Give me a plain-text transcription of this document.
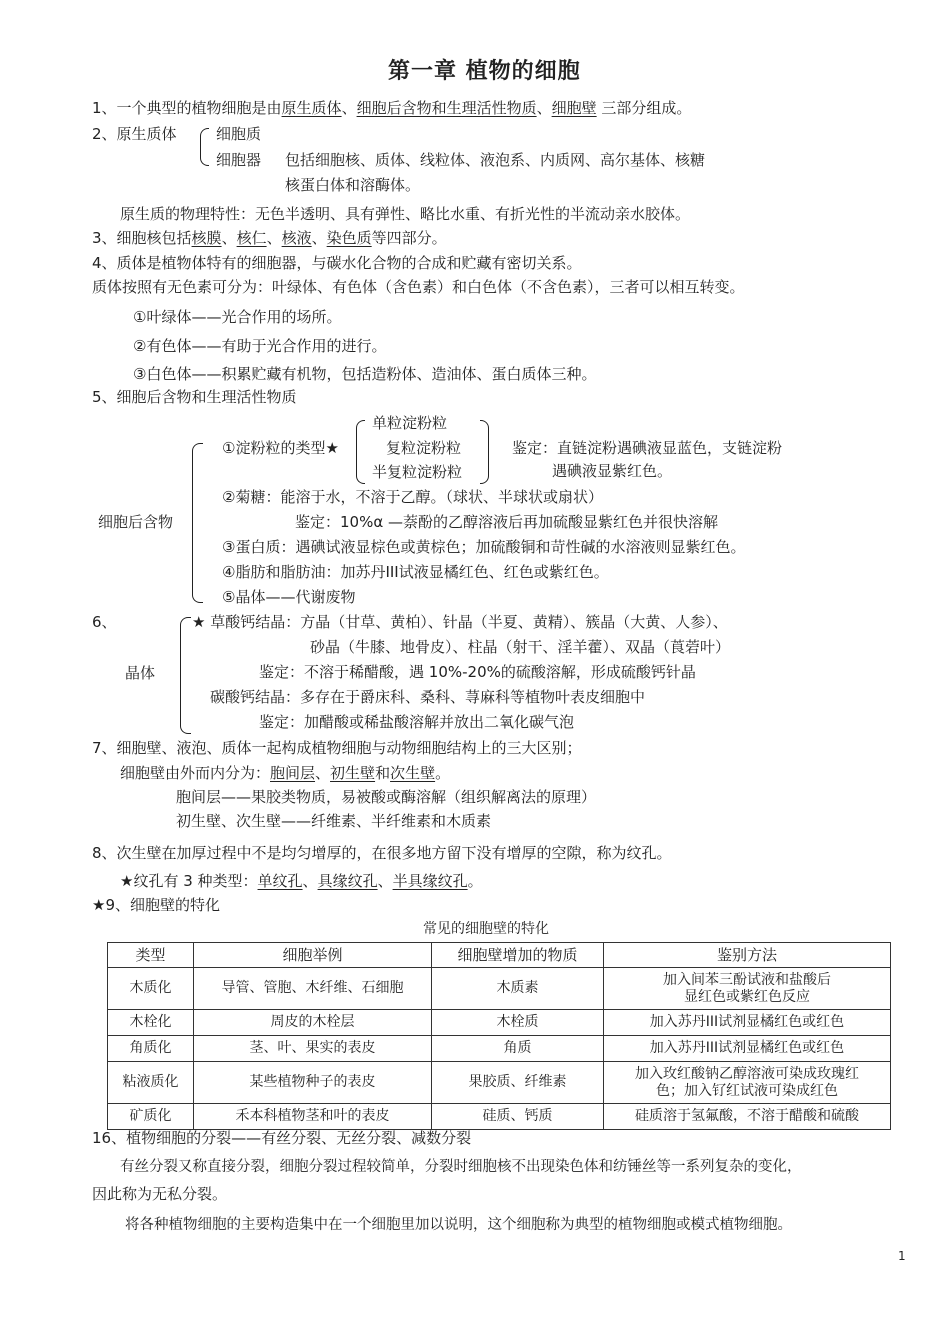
第一章 植物的细胞
1、一个典型的植物细胞是由原生质体、细胞后含物和生理活性物质、细胞壁 三部分组成。
2、原生质体	细胞质
细胞器 包括细胞核、质体、线粒体、液泡系、内质网、高尔基体、核糖
核蛋白体和溶酶体。
原生质的物理特性：无色半透明、具有弹性、略比水重、有折光性的半流动亲水胶体。
3、细胞核包括核膜、核仁、核液、染色质等四部分。
4、质体是植物体特有的细胞器，与碳水化合物的合成和贮藏有密切关系。
质体按照有无色素可分为：叶绿体、有色体（含色素）和白色体（不含色素），三者可以相互转变。
①叶绿体——光合作用的场所。
②有色体——有助于光合作用的进行。
③白色体——积累贮藏有机物，包括造粉体、造油体、蛋白质体三种。
5、细胞后含物和生理活性物质
细胞后含物
①淀粉粒的类型★
单粒淀粉粒
复粒淀粉粒
半复粒淀粉粒
鉴定：直链淀粉遇碘液显蓝色，支链淀粉
遇碘液显紫红色。
②菊糖：能溶于水，不溶于乙醇。（球状、半球状或扇状）
鉴定：10%α —萘酚的乙醇溶液后再加硫酸显紫红色并很快溶解
③蛋白质：遇碘试液显棕色或黄棕色；加硫酸铜和苛性碱的水溶液则显紫红色。
④脂肪和脂肪油：加苏丹III试液显橘红色、红色或紫红色。
⑤晶体——代谢废物
6、
晶体
★ 草酸钙结晶：方晶（甘草、黄柏）、针晶（半夏、黄精）、簇晶（大黄、人参）、
砂晶（牛膝、地骨皮）、柱晶（射干、淫羊藿）、双晶（莨菪叶）
鉴定：不溶于稀醋酸，遇 10%-20%的硫酸溶解，形成硫酸钙针晶
碳酸钙结晶：多存在于爵床科、桑科、荨麻科等植物叶表皮细胞中
鉴定：加醋酸或稀盐酸溶解并放出二氧化碳气泡
7、细胞壁、液泡、质体一起构成植物细胞与动物细胞结构上的三大区别；
细胞壁由外而内分为：胞间层、初生壁和次生壁。
胞间层——果胶类物质，易被酸或酶溶解（组织解离法的原理）
初生壁、次生壁——纤维素、半纤维素和木质素
8、次生壁在加厚过程中不是均匀增厚的，在很多地方留下没有增厚的空隙，称为纹孔。
★纹孔有 3 种类型：单纹孔、具缘纹孔、半具缘纹孔。
★9、细胞壁的特化
常见的细胞壁的特化
类型	细胞举例	细胞壁增加的物质	鉴别方法
木质化	导管、管胞、木纤维、石细胞	木质素	加入间苯三酚试液和盐酸后
显红色或紫红色反应

木栓化	周皮的木栓层	木栓质	加入苏丹III试剂显橘红色或红色
角质化	茎、叶、果实的表皮	角质	加入苏丹III试剂显橘红色或红色
粘液质化	某些植物种子的表皮	果胶质、纤维素	加入玫红酸钠乙醇溶液可染成玫瑰红
色；加入钌红试液可染成红色

矿质化	禾本科植物茎和叶的表皮	硅质、钙质	硅质溶于氢氟酸，不溶于醋酸和硫酸
16、植物细胞的分裂——有丝分裂、无丝分裂、减数分裂
有丝分裂又称直接分裂，细胞分裂过程较简单，分裂时细胞核不出现染色体和纺锤丝等一系列复杂的变化，
因此称为无私分裂。
将各种植物细胞的主要构造集中在一个细胞里加以说明，这个细胞称为典型的植物细胞或模式植物细胞。
1
